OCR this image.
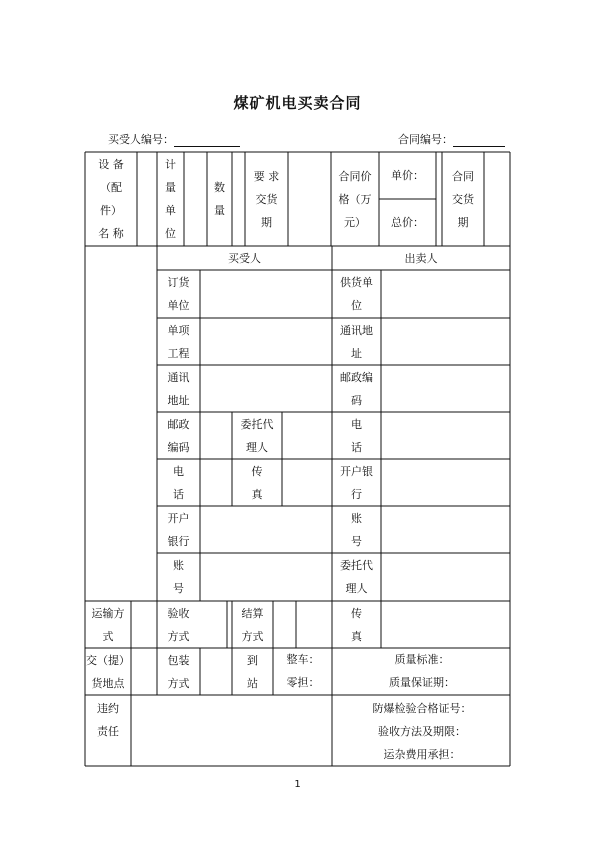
煤矿机电买卖合同
买受人编号：	合同编号：
设 备
（配
件）
名 称
计
量
单
位
数
量
要 求
交货
期
合同价
格（万
元）
单价：
总价：
合同
交货
期
买受人	出卖人
订货
单位
单项
工程
通讯
地址
邮政
编码
委托代
理人
电
话
传
真
开户
银行
账
号
供货单
位
通讯地
址
邮政编
码
电
话
开户银
行
账
号
委托代
理人
运输方
式
验收
方式
结算
方式
传
真
交（提）
货地点
包装
方式
到
站
整车：
零担：
质量标准：
质量保证期：
防爆检验合格证号：
验收方法及期限：
运杂费用承担：
违约
责任
1
